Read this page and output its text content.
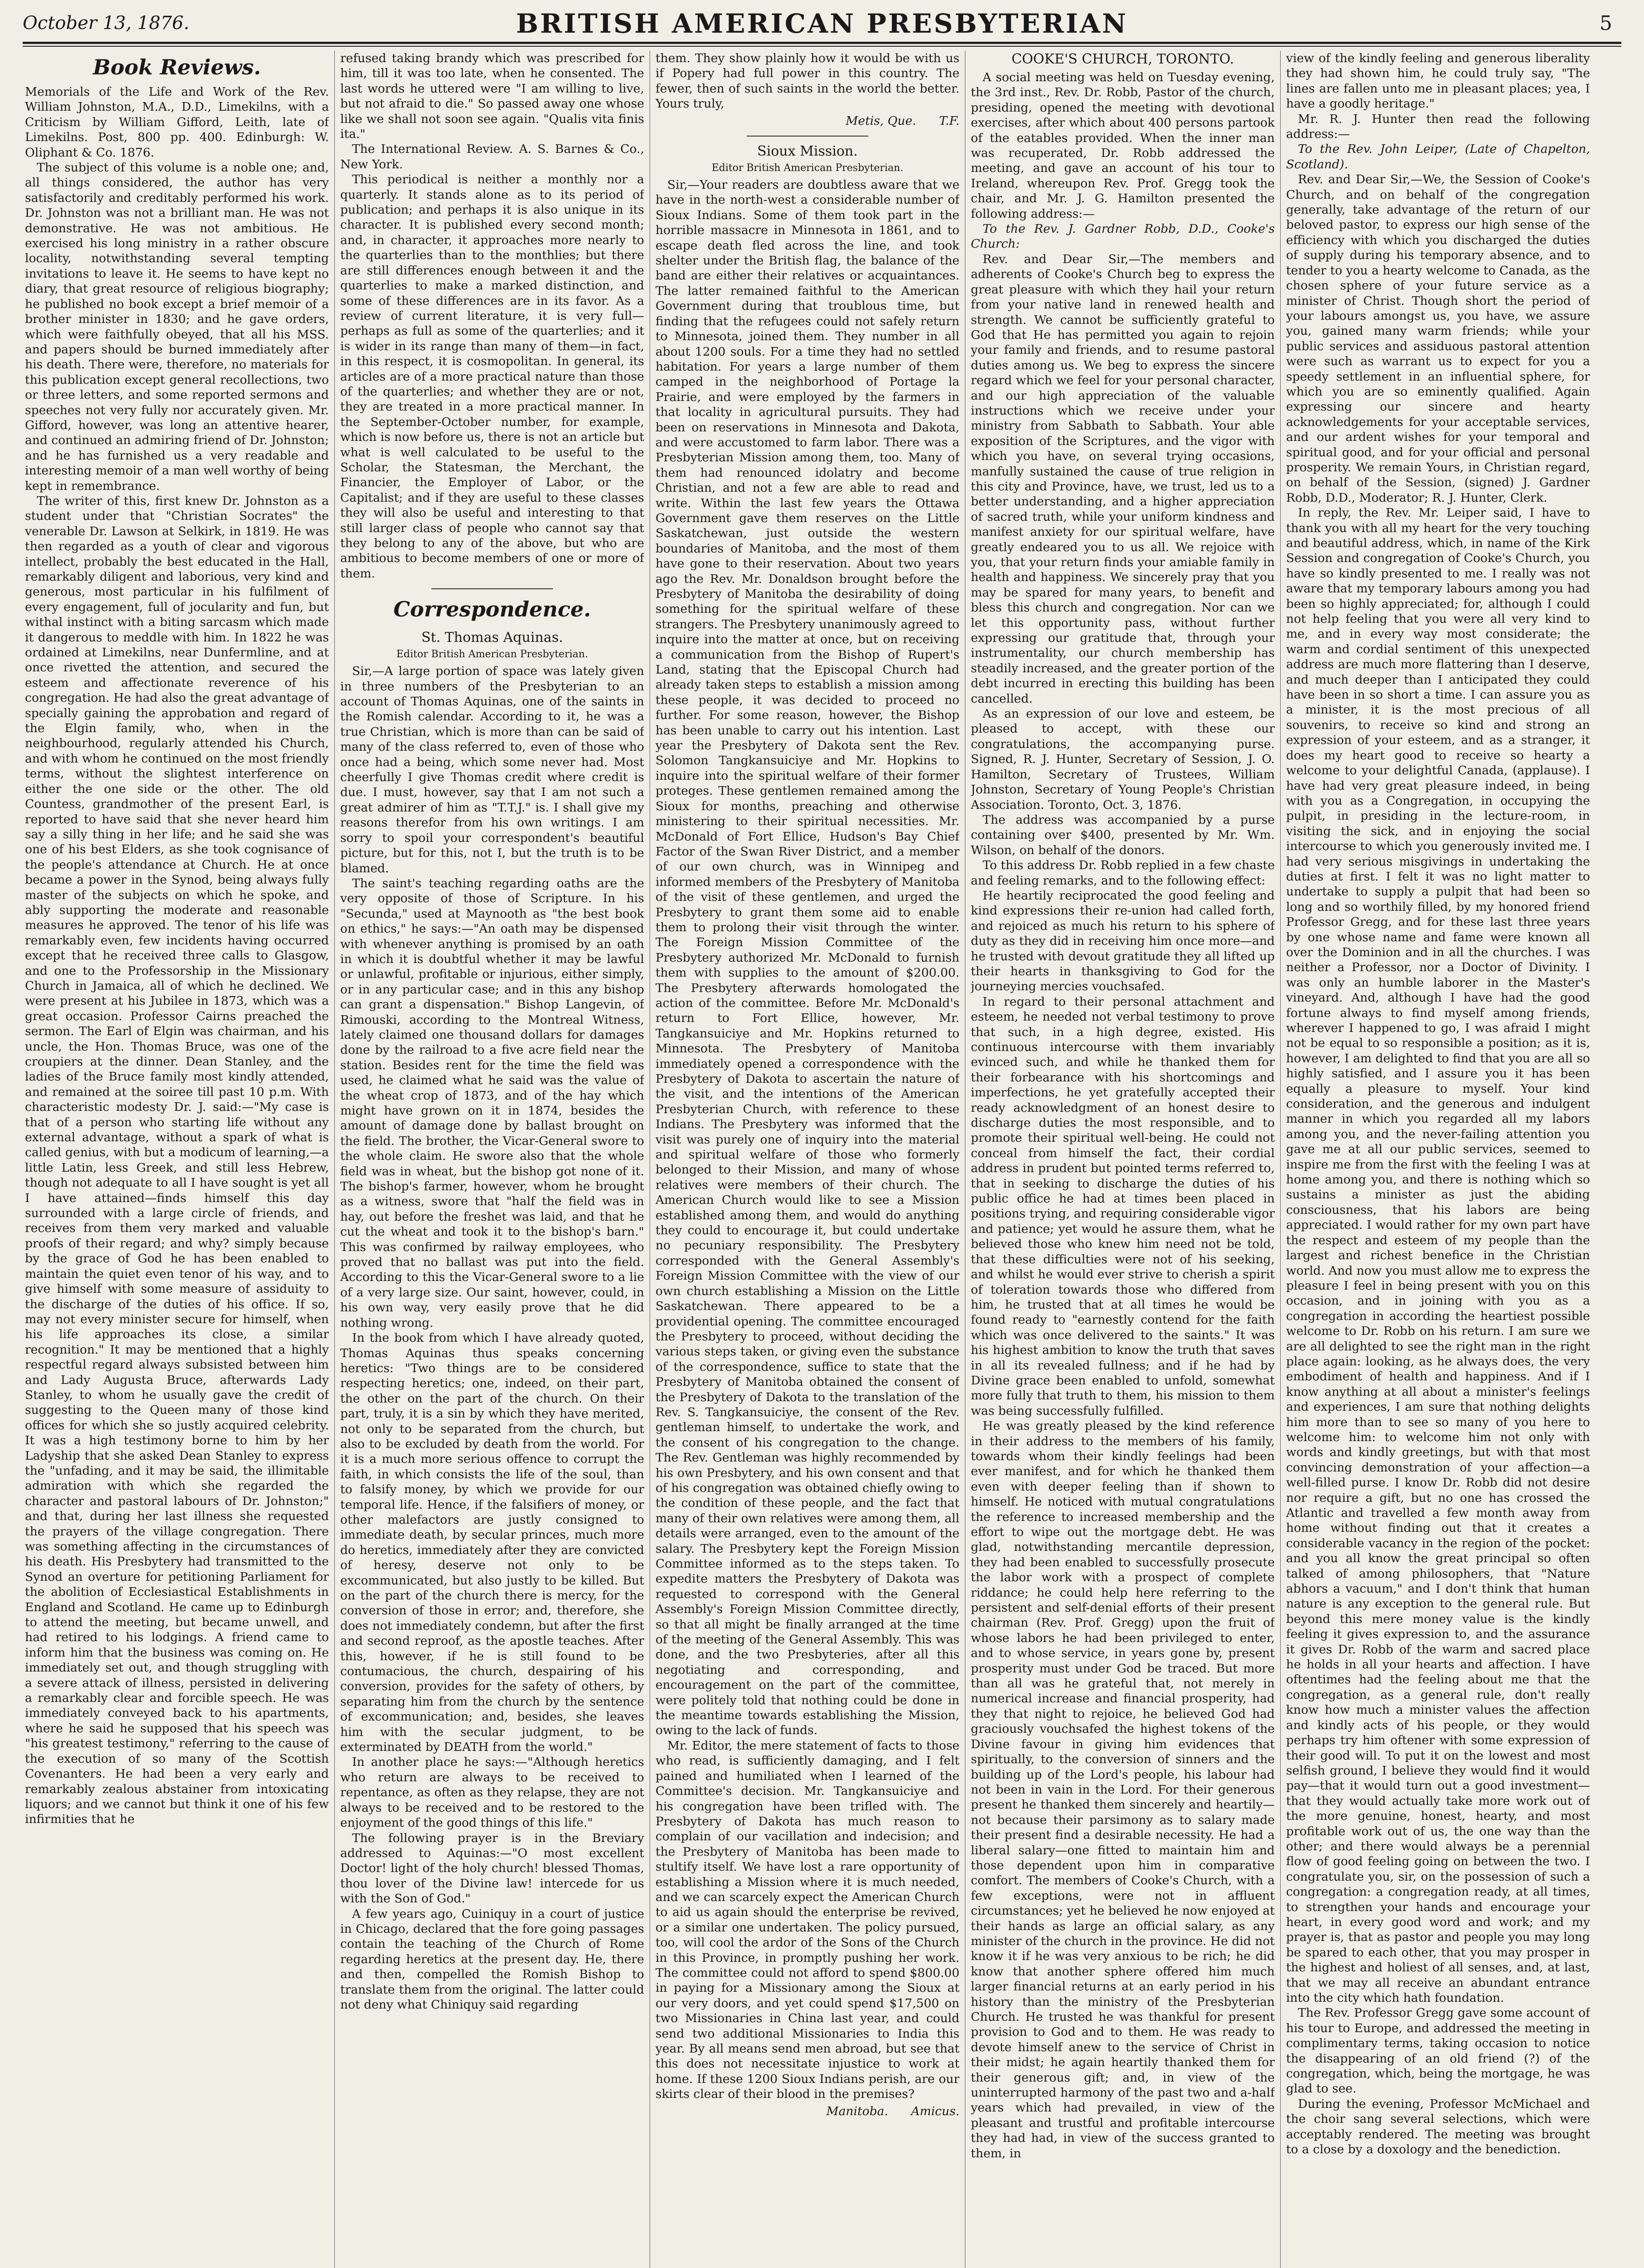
October 13, 1876.	BRITISH AMERICAN PRESBYTERIAN	5
Book Reviews.

Memorials of the Life and Work of the Rev. William Johnston, M.A., D.D., Limekilns, with a Criticism by William Gifford, Leith, late of Limekilns. Post, 800 pp. 400. Edinburgh: W. Oliphant & Co. 1876.

The subject of this volume is a noble one; and, all things considered, the author has very satisfactorily and creditably performed his work. Dr. Johnston was not a brilliant man. He was not demonstrative. He was not ambitious. He exercised his long ministry in a rather obscure locality, notwithstanding several tempting invitations to leave it. He seems to have kept no diary, that great resource of religious biography; he published no book except a brief memoir of a brother minister in 1830; and he gave orders, which were faithfully obeyed, that all his MSS. and papers should be burned immediately after his death. There were, therefore, no materials for this publication except general recollections, two or three letters, and some reported sermons and speeches not very fully nor accurately given. Mr. Gifford, however, was long an attentive hearer, and continued an admiring friend of Dr. Johnston; and he has furnished us a very readable and interesting memoir of a man well worthy of being kept in remembrance.

The writer of this, first knew Dr. Johnston as a student under that "Christian Socrates" the venerable Dr. Lawson at Selkirk, in 1819. He was then regarded as a youth of clear and vigorous intellect, probably the best educated in the Hall, remarkably diligent and laborious, very kind and generous, most particular in his fulfilment of every engagement, full of jocularity and fun, but withal instinct with a biting sarcasm which made it dangerous to meddle with him. In 1822 he was ordained at Limekilns, near Dunfermline, and at once rivetted the attention, and secured the esteem and affectionate reverence of his congregation. He had also the great advantage of specially gaining the approbation and regard of the Elgin family, who, when in the neighbourhood, regularly attended his Church, and with whom he continued on the most friendly terms, without the slightest interference on either the one side or the other. The old Countess, grandmother of the present Earl, is reported to have said that she never heard him say a silly thing in her life; and he said she was one of his best Elders, as she took cognisance of the people's attendance at Church. He at once became a power in the Synod, being always fully master of the subjects on which he spoke, and ably supporting the moderate and reasonable measures he approved. The tenor of his life was remarkably even, few incidents having occurred except that he received three calls to Glasgow, and one to the Professorship in the Missionary Church in Jamaica, all of which he declined. We were present at his Jubilee in 1873, which was a great occasion. Professor Cairns preached the sermon. The Earl of Elgin was chairman, and his uncle, the Hon. Thomas Bruce, was one of the croupiers at the dinner. Dean Stanley, and the ladies of the Bruce family most kindly attended, and remained at the soiree till past 10 p.m. With characteristic modesty Dr. J. said:—"My case is that of a person who starting life without any external advantage, without a spark of what is called genius, with but a modicum of learning,—a little Latin, less Greek, and still less Hebrew, though not adequate to all I have sought is yet all I have attained—finds himself this day surrounded with a large circle of friends, and receives from them very marked and valuable proofs of their regard; and why? simply because by the grace of God he has been enabled to maintain the quiet even tenor of his way, and to give himself with some measure of assiduity to the discharge of the duties of his office. If so, may not every minister secure for himself, when his life approaches its close, a similar recognition." It may be mentioned that a highly respectful regard always subsisted between him and Lady Augusta Bruce, afterwards Lady Stanley, to whom he usually gave the credit of suggesting to the Queen many of those kind offices for which she so justly acquired celebrity. It was a high testimony borne to him by her Ladyship that she asked Dean Stanley to express the "unfading, and it may be said, the illimitable admiration with which she regarded the character and pastoral labours of Dr. Johnston;" and that, during her last illness she requested the prayers of the village congregation. There was something affecting in the circumstances of his death. His Presbytery had transmitted to the Synod an overture for petitioning Parliament for the abolition of Ecclesiastical Establishments in England and Scotland. He came up to Edinburgh to attend the meeting, but became unwell, and had retired to his lodgings. A friend came to inform him that the business was coming on. He immediately set out, and though struggling with a severe attack of illness, persisted in delivering a remarkably clear and forcible speech. He was immediately conveyed back to his apartments, where he said he supposed that his speech was "his greatest testimony," referring to the cause of the execution of so many of the Scottish Covenanters. He had been a very early and remarkably zealous abstainer from intoxicating liquors; and we cannot but think it one of his few infirmities that he

refused taking brandy which was prescribed for him, till it was too late, when he consented. The last words he uttered were "I am willing to live, but not afraid to die." So passed away one whose like we shall not soon see again. "Qualis vita finis ita."

The International Review. A. S. Barnes & Co., New York.

This periodical is neither a monthly nor a quarterly. It stands alone as to its period of publication; and perhaps it is also unique in its character. It is published every second month; and, in character, it approaches more nearly to the quarterlies than to the monthlies; but there are still differences enough between it and the quarterlies to make a marked distinction, and some of these differences are in its favor. As a review of current literature, it is very full—perhaps as full as some of the quarterlies; and it is wider in its range than many of them—in fact, in this respect, it is cosmopolitan. In general, its articles are of a more practical nature than those of the quarterlies; and whether they are or not, they are treated in a more practical manner. In the September-October number, for example, which is now before us, there is not an article but what is well calculated to be useful to the Scholar, the Statesman, the Merchant, the Financier, the Employer of Labor, or the Capitalist; and if they are useful to these classes they will also be useful and interesting to that still larger class of people who cannot say that they belong to any of the above, but who are ambitious to become members of one or more of them.

Correspondence.
St. Thomas Aquinas.
Editor British American Presbyterian.

Sir,—A large portion of space was lately given in three numbers of the Presbyterian to an account of Thomas Aquinas, one of the saints in the Romish calendar. According to it, he was a true Christian, which is more than can be said of many of the class referred to, even of those who once had a being, which some never had. Most cheerfully I give Thomas credit where credit is due. I must, however, say that I am not such a great admirer of him as "T.T.J." is. I shall give my reasons therefor from his own writings. I am sorry to spoil your correspondent's beautiful picture, but for this, not I, but the truth is to be blamed.

The saint's teaching regarding oaths are the very opposite of those of Scripture. In his "Secunda," used at Maynooth as "the best book on ethics," he says:—"An oath may be dispensed with whenever anything is promised by an oath in which it is doubtful whether it may be lawful or unlawful, profitable or injurious, either simply, or in any particular case; and in this any bishop can grant a dispensation." Bishop Langevin, of Rimouski, according to the Montreal Witness, lately claimed one thousand dollars for damages done by the railroad to a five acre field near the station. Besides rent for the time the field was used, he claimed what he said was the value of the wheat crop of 1873, and of the hay which might have grown on it in 1874, besides the amount of damage done by ballast brought on the field. The brother, the Vicar-General swore to the whole claim. He swore also that the whole field was in wheat, but the bishop got none of it. The bishop's farmer, however, whom he brought as a witness, swore that "half the field was in hay, out before the freshet was laid, and that he cut the wheat and took it to the bishop's barn." This was confirmed by railway employees, who proved that no ballast was put into the field. According to this the Vicar-General swore to a lie of a very large size. Our saint, however, could, in his own way, very easily prove that he did nothing wrong.

In the book from which I have already quoted, Thomas Aquinas thus speaks concerning heretics: "Two things are to be considered respecting heretics; one, indeed, on their part, the other on the part of the church. On their part, truly, it is a sin by which they have merited, not only to be separated from the church, but also to be excluded by death from the world. For it is a much more serious offence to corrupt the faith, in which consists the life of the soul, than to falsify money, by which we provide for our temporal life. Hence, if the falsifiers of money, or other malefactors are justly consigned to immediate death, by secular princes, much more do heretics, immediately after they are convicted of heresy, deserve not only to be excommunicated, but also justly to be killed. But on the part of the church there is mercy, for the conversion of those in error; and, therefore, she does not immediately condemn, but after the first and second reproof, as the apostle teaches. After this, however, if he is still found to be contumacious, the church, despairing of his conversion, provides for the safety of others, by separating him from the church by the sentence of excommunication; and, besides, she leaves him with the secular judgment, to be exterminated by DEATH from the world."

In another place he says:—"Although heretics who return are always to be received to repentance, as often as they relapse, they are not always to be received and to be restored to the enjoyment of the good things of this life."

The following prayer is in the Breviary addressed to Aquinas:—"O most excellent Doctor! light of the holy church! blessed Thomas, thou lover of the Divine law! intercede for us with the Son of God."

A few years ago, Cuiniquy in a court of justice in Chicago, declared that the fore going passages contain the teaching of the Church of Rome regarding heretics at the present day. He, there and then, compelled the Romish Bishop to translate them from the original. The latter could not deny what Chiniquy said regarding

them. They show plainly how it would be with us if Popery had full power in this country. The fewer, then of such saints in the world the better. Yours truly,

Metis, Que. T.F.
Sioux Mission.
Editor British American Presbyterian.

Sir,—Your readers are doubtless aware that we have in the north-west a considerable number of Sioux Indians. Some of them took part in the horrible massacre in Minnesota in 1861, and to escape death fled across the line, and took shelter under the British flag, the balance of the band are either their relatives or acquaintances. The latter remained faithful to the American Government during that troublous time, but finding that the refugees could not safely return to Minnesota, joined them. They number in all about 1200 souls. For a time they had no settled habitation. For years a large number of them camped in the neighborhood of Portage la Prairie, and were employed by the farmers in that locality in agricultural pursuits. They had been on reservations in Minnesota and Dakota, and were accustomed to farm labor. There was a Presbyterian Mission among them, too. Many of them had renounced idolatry and become Christian, and not a few are able to read and write. Within the last few years the Ottawa Government gave them reserves on the Little Saskatchewan, just outside the western boundaries of Manitoba, and the most of them have gone to their reservation. About two years ago the Rev. Mr. Donaldson brought before the Presbytery of Manitoba the desirability of doing something for the spiritual welfare of these strangers. The Presbytery unanimously agreed to inquire into the matter at once, but on receiving a communication from the Bishop of Rupert's Land, stating that the Episcopal Church had already taken steps to establish a mission among these people, it was decided to proceed no further. For some reason, however, the Bishop has been unable to carry out his intention. Last year the Presbytery of Dakota sent the Rev. Solomon Tangkansuiciye and Mr. Hopkins to inquire into the spiritual welfare of their former proteges. These gentlemen remained among the Sioux for months, preaching and otherwise ministering to their spiritual necessities. Mr. McDonald of Fort Ellice, Hudson's Bay Chief Factor of the Swan River District, and a member of our own church, was in Winnipeg and informed members of the Presbytery of Manitoba of the visit of these gentlemen, and urged the Presbytery to grant them some aid to enable them to prolong their visit through the winter. The Foreign Mission Committee of the Presbytery authorized Mr. McDonald to furnish them with supplies to the amount of $200.00. The Presbytery afterwards homologated the action of the committee. Before Mr. McDonald's return to Fort Ellice, however, Mr. Tangkansuiciye and Mr. Hopkins returned to Minnesota. The Presbytery of Manitoba immediately opened a correspondence with the Presbytery of Dakota to ascertain the nature of the visit, and the intentions of the American Presbyterian Church, with reference to these Indians. The Presbytery was informed that the visit was purely one of inquiry into the material and spiritual welfare of those who formerly belonged to their Mission, and many of whose relatives were members of their church. The American Church would like to see a Mission established among them, and would do anything they could to encourage it, but could undertake no pecuniary responsibility. The Presbytery corresponded with the General Assembly's Foreign Mission Committee with the view of our own church establishing a Mission on the Little Saskatchewan. There appeared to be a providential opening. The committee encouraged the Presbytery to proceed, without deciding the various steps taken, or giving even the substance of the correspondence, suffice to state that the Presbytery of Manitoba obtained the consent of the Presbytery of Dakota to the translation of the Rev. S. Tangkansuiciye, the consent of the Rev. gentleman himself, to undertake the work, and the consent of his congregation to the change. The Rev. Gentleman was highly recommended by his own Presbytery, and his own consent and that of his congregation was obtained chiefly owing to the condition of these people, and the fact that many of their own relatives were among them, all details were arranged, even to the amount of the salary. The Presbytery kept the Foreign Mission Committee informed as to the steps taken. To expedite matters the Presbytery of Dakota was requested to correspond with the General Assembly's Foreign Mission Committee directly, so that all might be finally arranged at the time of the meeting of the General Assembly. This was done, and the two Presbyteries, after all this negotiating and corresponding, and encouragement on the part of the committee, were politely told that nothing could be done in the meantime towards establishing the Mission, owing to the lack of funds.

Mr. Editor, the mere statement of facts to those who read, is sufficiently damaging, and I felt pained and humiliated when I learned of the Committee's decision. Mr. Tangkansuiciye and his congregation have been trifled with. The Presbytery of Dakota has much reason to complain of our vacillation and indecision; and the Presbytery of Manitoba has been made to stultify itself. We have lost a rare opportunity of establishing a Mission where it is much needed, and we can scarcely expect the American Church to aid us again should the enterprise be revived, or a similar one undertaken. The policy pursued, too, will cool the ardor of the Sons of the Church in this Province, in promptly pushing her work. The committee could not afford to spend $800.00 in paying for a Missionary among the Sioux at our very doors, and yet could spend $17,500 on two Missionaries in China last year, and could send two additional Missionaries to India this year. By all means send men abroad, but see that this does not necessitate injustice to work at home. If these 1200 Sioux Indians perish, are our skirts clear of their blood in the premises?

Manitoba. Amicus.
COOKE'S CHURCH, TORONTO.

A social meeting was held on Tuesday evening, the 3rd inst., Rev. Dr. Robb, Pastor of the church, presiding, opened the meeting with devotional exercises, after which about 400 persons partook of the eatables provided. When the inner man was recuperated, Dr. Robb addressed the meeting, and gave an account of his tour to Ireland, whereupon Rev. Prof. Gregg took the chair, and Mr. J. G. Hamilton presented the following address:—

To the Rev. J. Gardner Robb, D.D., Cooke's Church:

Rev. and Dear Sir,—The members and adherents of Cooke's Church beg to express the great pleasure with which they hail your return from your native land in renewed health and strength. We cannot be sufficiently grateful to God that He has permitted you again to rejoin your family and friends, and to resume pastoral duties among us. We beg to express the sincere regard which we feel for your personal character, and our high appreciation of the valuable instructions which we receive under your ministry from Sabbath to Sabbath. Your able exposition of the Scriptures, and the vigor with which you have, on several trying occasions, manfully sustained the cause of true religion in this city and Province, have, we trust, led us to a better understanding, and a higher appreciation of sacred truth, while your uniform kindness and manifest anxiety for our spiritual welfare, have greatly endeared you to us all. We rejoice with you, that your return finds your amiable family in health and happiness. We sincerely pray that you may be spared for many years, to benefit and bless this church and congregation. Nor can we let this opportunity pass, without further expressing our gratitude that, through your instrumentality, our church membership has steadily increased, and the greater portion of the debt incurred in erecting this building has been cancelled.

As an expression of our love and esteem, be pleased to accept, with these our congratulations, the accompanying purse. Signed, R. J. Hunter, Secretary of Session, J. O. Hamilton, Secretary of Trustees, William Johnston, Secretary of Young People's Christian Association. Toronto, Oct. 3, 1876.

The address was accompanied by a purse containing over $400, presented by Mr. Wm. Wilson, on behalf of the donors.

To this address Dr. Robb replied in a few chaste and feeling remarks, and to the following effect:

He heartily reciprocated the good feeling and kind expressions their re-union had called forth, and rejoiced as much his return to his sphere of duty as they did in receiving him once more—and he trusted with devout gratitude they all lifted up their hearts in thanksgiving to God for the journeying mercies vouchsafed.

In regard to their personal attachment and esteem, he needed not verbal testimony to prove that such, in a high degree, existed. His continuous intercourse with them invariably evinced such, and while he thanked them for their forbearance with his shortcomings and imperfections, he yet gratefully accepted their ready acknowledgment of an honest desire to discharge duties the most responsible, and to promote their spiritual well-being. He could not conceal from himself the fact, their cordial address in prudent but pointed terms referred to, that in seeking to discharge the duties of his public office he had at times been placed in positions trying, and requiring considerable vigor and patience; yet would he assure them, what he believed those who knew him need not be told, that these difficulties were not of his seeking, and whilst he would ever strive to cherish a spirit of toleration towards those who differed from him, he trusted that at all times he would be found ready to "earnestly contend for the faith which was once delivered to the saints." It was his highest ambition to know the truth that saves in all its revealed fullness; and if he had by Divine grace been enabled to unfold, somewhat more fully that truth to them, his mission to them was being successfully fulfilled.

He was greatly pleased by the kind reference in their address to the members of his family, towards whom their kindly feelings had been ever manifest, and for which he thanked them even with deeper feeling than if shown to himself. He noticed with mutual congratulations the reference to increased membership and the effort to wipe out the mortgage debt. He was glad, notwithstanding mercantile depression, they had been enabled to successfully prosecute the labor work with a prospect of complete riddance; he could help here referring to the persistent and self-denial efforts of their present chairman (Rev. Prof. Gregg) upon the fruit of whose labors he had been privileged to enter, and to whose service, in years gone by, present prosperity must under God be traced. But more than all was he grateful that, not merely in numerical increase and financial prosperity, had they that night to rejoice, he believed God had graciously vouchsafed the highest tokens of the Divine favour in giving him evidences that spiritually, to the conversion of sinners and the building up of the Lord's people, his labour had not been in vain in the Lord. For their generous present he thanked them sincerely and heartily—not because their parsimony as to salary made their present find a desirable necessity. He had a liberal salary—one fitted to maintain him and those dependent upon him in comparative comfort. The members of Cooke's Church, with a few exceptions, were not in affluent circumstances; yet he believed he now enjoyed at their hands as large an official salary, as any minister of the church in the province. He did not know it if he was very anxious to be rich; he did know that another sphere offered him much larger financial returns at an early period in his history than the ministry of the Presbyterian Church. He trusted he was thankful for present provision to God and to them. He was ready to devote himself anew to the service of Christ in their midst; he again heartily thanked them for their generous gift; and, in view of the uninterrupted harmony of the past two and a-half years which had prevailed, in view of the pleasant and trustful and profitable intercourse they had had, in view of the success granted to them, in

view of the kindly feeling and generous liberality they had shown him, he could truly say, "The lines are fallen unto me in pleasant places; yea, I have a goodly heritage."

Mr. R. J. Hunter then read the following address:—

To the Rev. John Leiper, (Late of Chapelton, Scotland).

Rev. and Dear Sir,—We, the Session of Cooke's Church, and on behalf of the congregation generally, take advantage of the return of our beloved pastor, to express our high sense of the efficiency with which you discharged the duties of supply during his temporary absence, and to tender to you a hearty welcome to Canada, as the chosen sphere of your future service as a minister of Christ. Though short the period of your labours amongst us, you have, we assure you, gained many warm friends; while your public services and assiduous pastoral attention were such as warrant us to expect for you a speedy settlement in an influential sphere, for which you are so eminently qualified. Again expressing our sincere and hearty acknowledgements for your acceptable services, and our ardent wishes for your temporal and spiritual good, and for your official and personal prosperity. We remain Yours, in Christian regard, on behalf of the Session, (signed) J. Gardner Robb, D.D., Moderator; R. J. Hunter, Clerk.

In reply, the Rev. Mr. Leiper said, I have to thank you with all my heart for the very touching and beautiful address, which, in name of the Kirk Session and congregation of Cooke's Church, you have so kindly presented to me. I really was not aware that my temporary labours among you had been so highly appreciated; for, although I could not help feeling that you were all very kind to me, and in every way most considerate; the warm and cordial sentiment of this unexpected address are much more flattering than I deserve, and much deeper than I anticipated they could have been in so short a time. I can assure you as a minister, it is the most precious of all souvenirs, to receive so kind and strong an expression of your esteem, and as a stranger, it does my heart good to receive so hearty a welcome to your delightful Canada, (applause). I have had very great pleasure indeed, in being with you as a Congregation, in occupying the pulpit, in presiding in the lecture-room, in visiting the sick, and in enjoying the social intercourse to which you generously invited me. I had very serious misgivings in undertaking the duties at first. I felt it was no light matter to undertake to supply a pulpit that had been so long and so worthily filled, by my honored friend Professor Gregg, and for these last three years by one whose name and fame were known all over the Dominion and in all the churches. I was neither a Professor, nor a Doctor of Divinity. I was only an humble laborer in the Master's vineyard. And, although I have had the good fortune always to find myself among friends, wherever I happened to go, I was afraid I might not be equal to so responsible a position; as it is, however, I am delighted to find that you are all so highly satisfied, and I assure you it has been equally a pleasure to myself. Your kind consideration, and the generous and indulgent manner in which you regarded all my labors among you, and the never-failing attention you gave me at all our public services, seemed to inspire me from the first with the feeling I was at home among you, and there is nothing which so sustains a minister as just the abiding consciousness, that his labors are being appreciated. I would rather for my own part have the respect and esteem of my people than the largest and richest benefice in the Christian world. And now you must allow me to express the pleasure I feel in being present with you on this occasion, and in joining with you as a congregation in according the heartiest possible welcome to Dr. Robb on his return. I am sure we are all delighted to see the right man in the right place again: looking, as he always does, the very embodiment of health and happiness. And if I know anything at all about a minister's feelings and experiences, I am sure that nothing delights him more than to see so many of you here to welcome him: to welcome him not only with words and kindly greetings, but with that most convincing demonstration of your affection—a well-filled purse. I know Dr. Robb did not desire nor require a gift, but no one has crossed the Atlantic and travelled a few month away from home without finding out that it creates a considerable vacancy in the region of the pocket: and you all know the great principal so often talked of among philosophers, that "Nature abhors a vacuum," and I don't think that human nature is any exception to the general rule. But beyond this mere money value is the kindly feeling it gives expression to, and the assurance it gives Dr. Robb of the warm and sacred place he holds in all your hearts and affection. I have oftentimes had the feeling about me that the congregation, as a general rule, don't really know how much a minister values the affection and kindly acts of his people, or they would perhaps try him oftener with some expression of their good will. To put it on the lowest and most selfish ground, I believe they would find it would pay—that it would turn out a good investment—that they would actually take more work out of the more genuine, honest, hearty, and most profitable work out of us, the one way than the other; and there would always be a perennial flow of good feeling going on between the two. I congratulate you, sir, on the possession of such a congregation: a congregation ready, at all times, to strengthen your hands and encourage your heart, in every good word and work; and my prayer is, that as pastor and people you may long be spared to each other, that you may prosper in the highest and holiest of all senses, and, at last, that we may all receive an abundant entrance into the city which hath foundation.

The Rev. Professor Gregg gave some account of his tour to Europe, and addressed the meeting in complimentary terms, taking occasion to notice the disappearing of an old friend (?) of the congregation, which, being the mortgage, he was glad to see.

During the evening, Professor McMichael and the choir sang several selections, which were acceptably rendered. The meeting was brought to a close by a doxology and the benediction.
